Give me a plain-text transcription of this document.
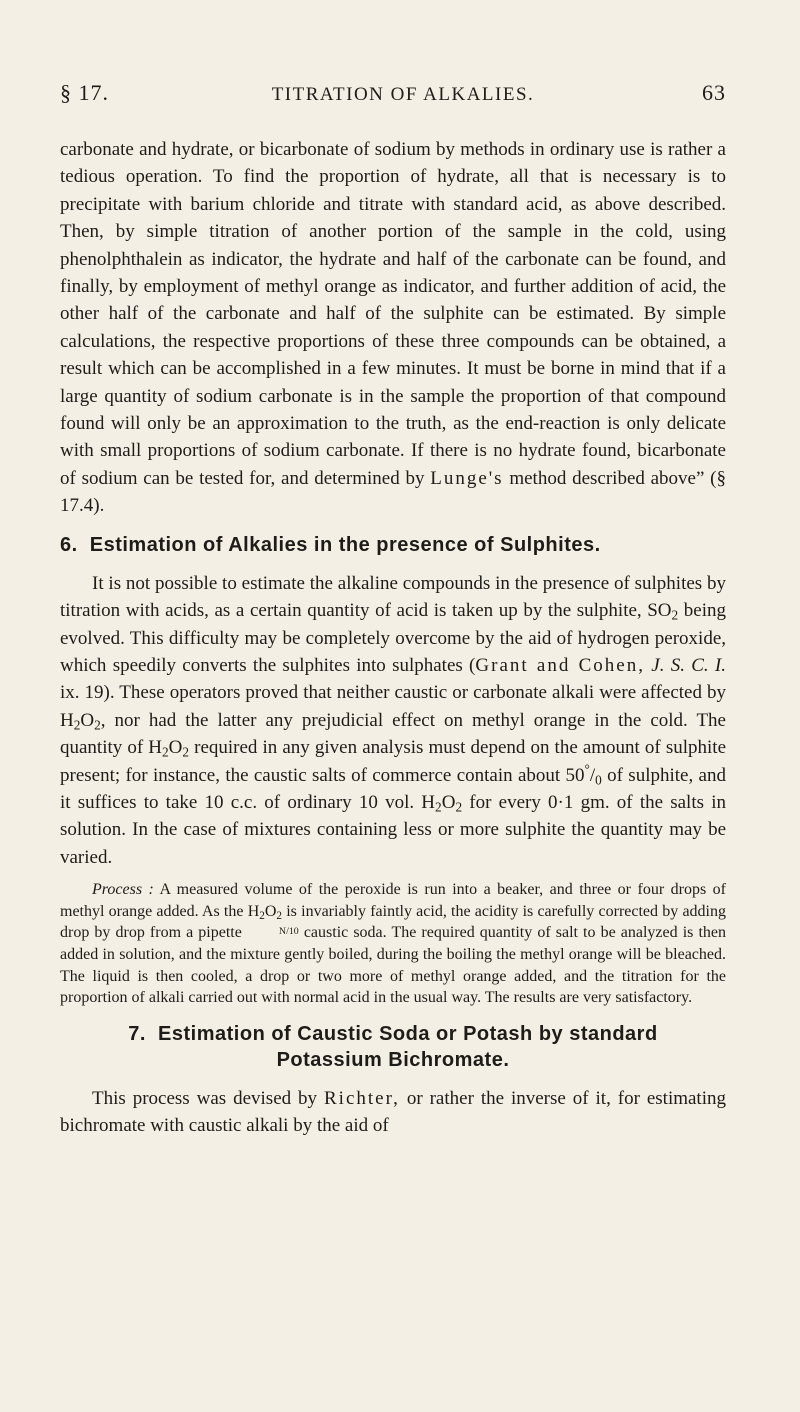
§ 17.	TITRATION OF ALKALIES.	63

carbonate and hydrate, or bicarbonate of sodium by methods in ordinary use is rather a tedious operation. To find the proportion of hydrate, all that is necessary is to precipitate with barium chloride and titrate with standard acid, as above described. Then, by simple titration of another portion of the sample in the cold, using phenolphthalein as indicator, the hydrate and half of the carbonate can be found, and finally, by employment of methyl orange as indicator, and further addition of acid, the other half of the carbonate and half of the sulphite can be estimated. By simple calculations, the respective proportions of these three compounds can be obtained, a result which can be accomplished in a few minutes. It must be borne in mind that if a large quantity of sodium carbonate is in the sample the proportion of that compound found will only be an approximation to the truth, as the end-reaction is only delicate with small proportions of sodium carbonate. If there is no hydrate found, bicarbonate of sodium can be tested for, and determined by Lunge's method described above” (§ 17.4).

6. Estimation of Alkalies in the presence of Sulphites.

It is not possible to estimate the alkaline compounds in the presence of sulphites by titration with acids, as a certain quantity of acid is taken up by the sulphite, $SO_2$ being evolved. This difficulty may be completely overcome by the aid of hydrogen peroxide, which speedily converts the sulphites into sulphates (Grant and Cohen, J. S. C. I. ix. 19). These operators proved that neither caustic or carbonate alkali were affected by $H_2O_2$, nor had the latter any prejudicial effect on methyl orange in the cold. The quantity of $H_2O_2$ required in any given analysis must depend on the amount of sulphite present; for instance, the caustic salts of commerce contain about $50^\circ/_0$ of sulphite, and it suffices to take 10 c.c. of ordinary 10 vol. $H_2O_2$ for every 0·1 gm. of the salts in solution. In the case of mixtures containing less or more sulphite the quantity may be varied.

Process : A measured volume of the peroxide is run into a beaker, and three or four drops of methyl orange added. As the $H_2O_2$ is invariably faintly acid, the acidity is carefully corrected by adding drop by drop from a pipette	N/10 caustic soda. The required quantity of salt to be analyzed is then added in solution, and the mixture gently boiled, during the boiling the methyl orange will be bleached. The liquid is then cooled, a drop or two more of methyl orange added, and the titration for the proportion of alkali carried out with normal acid in the usual way. The results are very satisfactory.

7. Estimation of Caustic Soda or Potash by standard Potassium Bichromate.

This process was devised by Richter, or rather the inverse of it, for estimating bichromate with caustic alkali by the aid of
